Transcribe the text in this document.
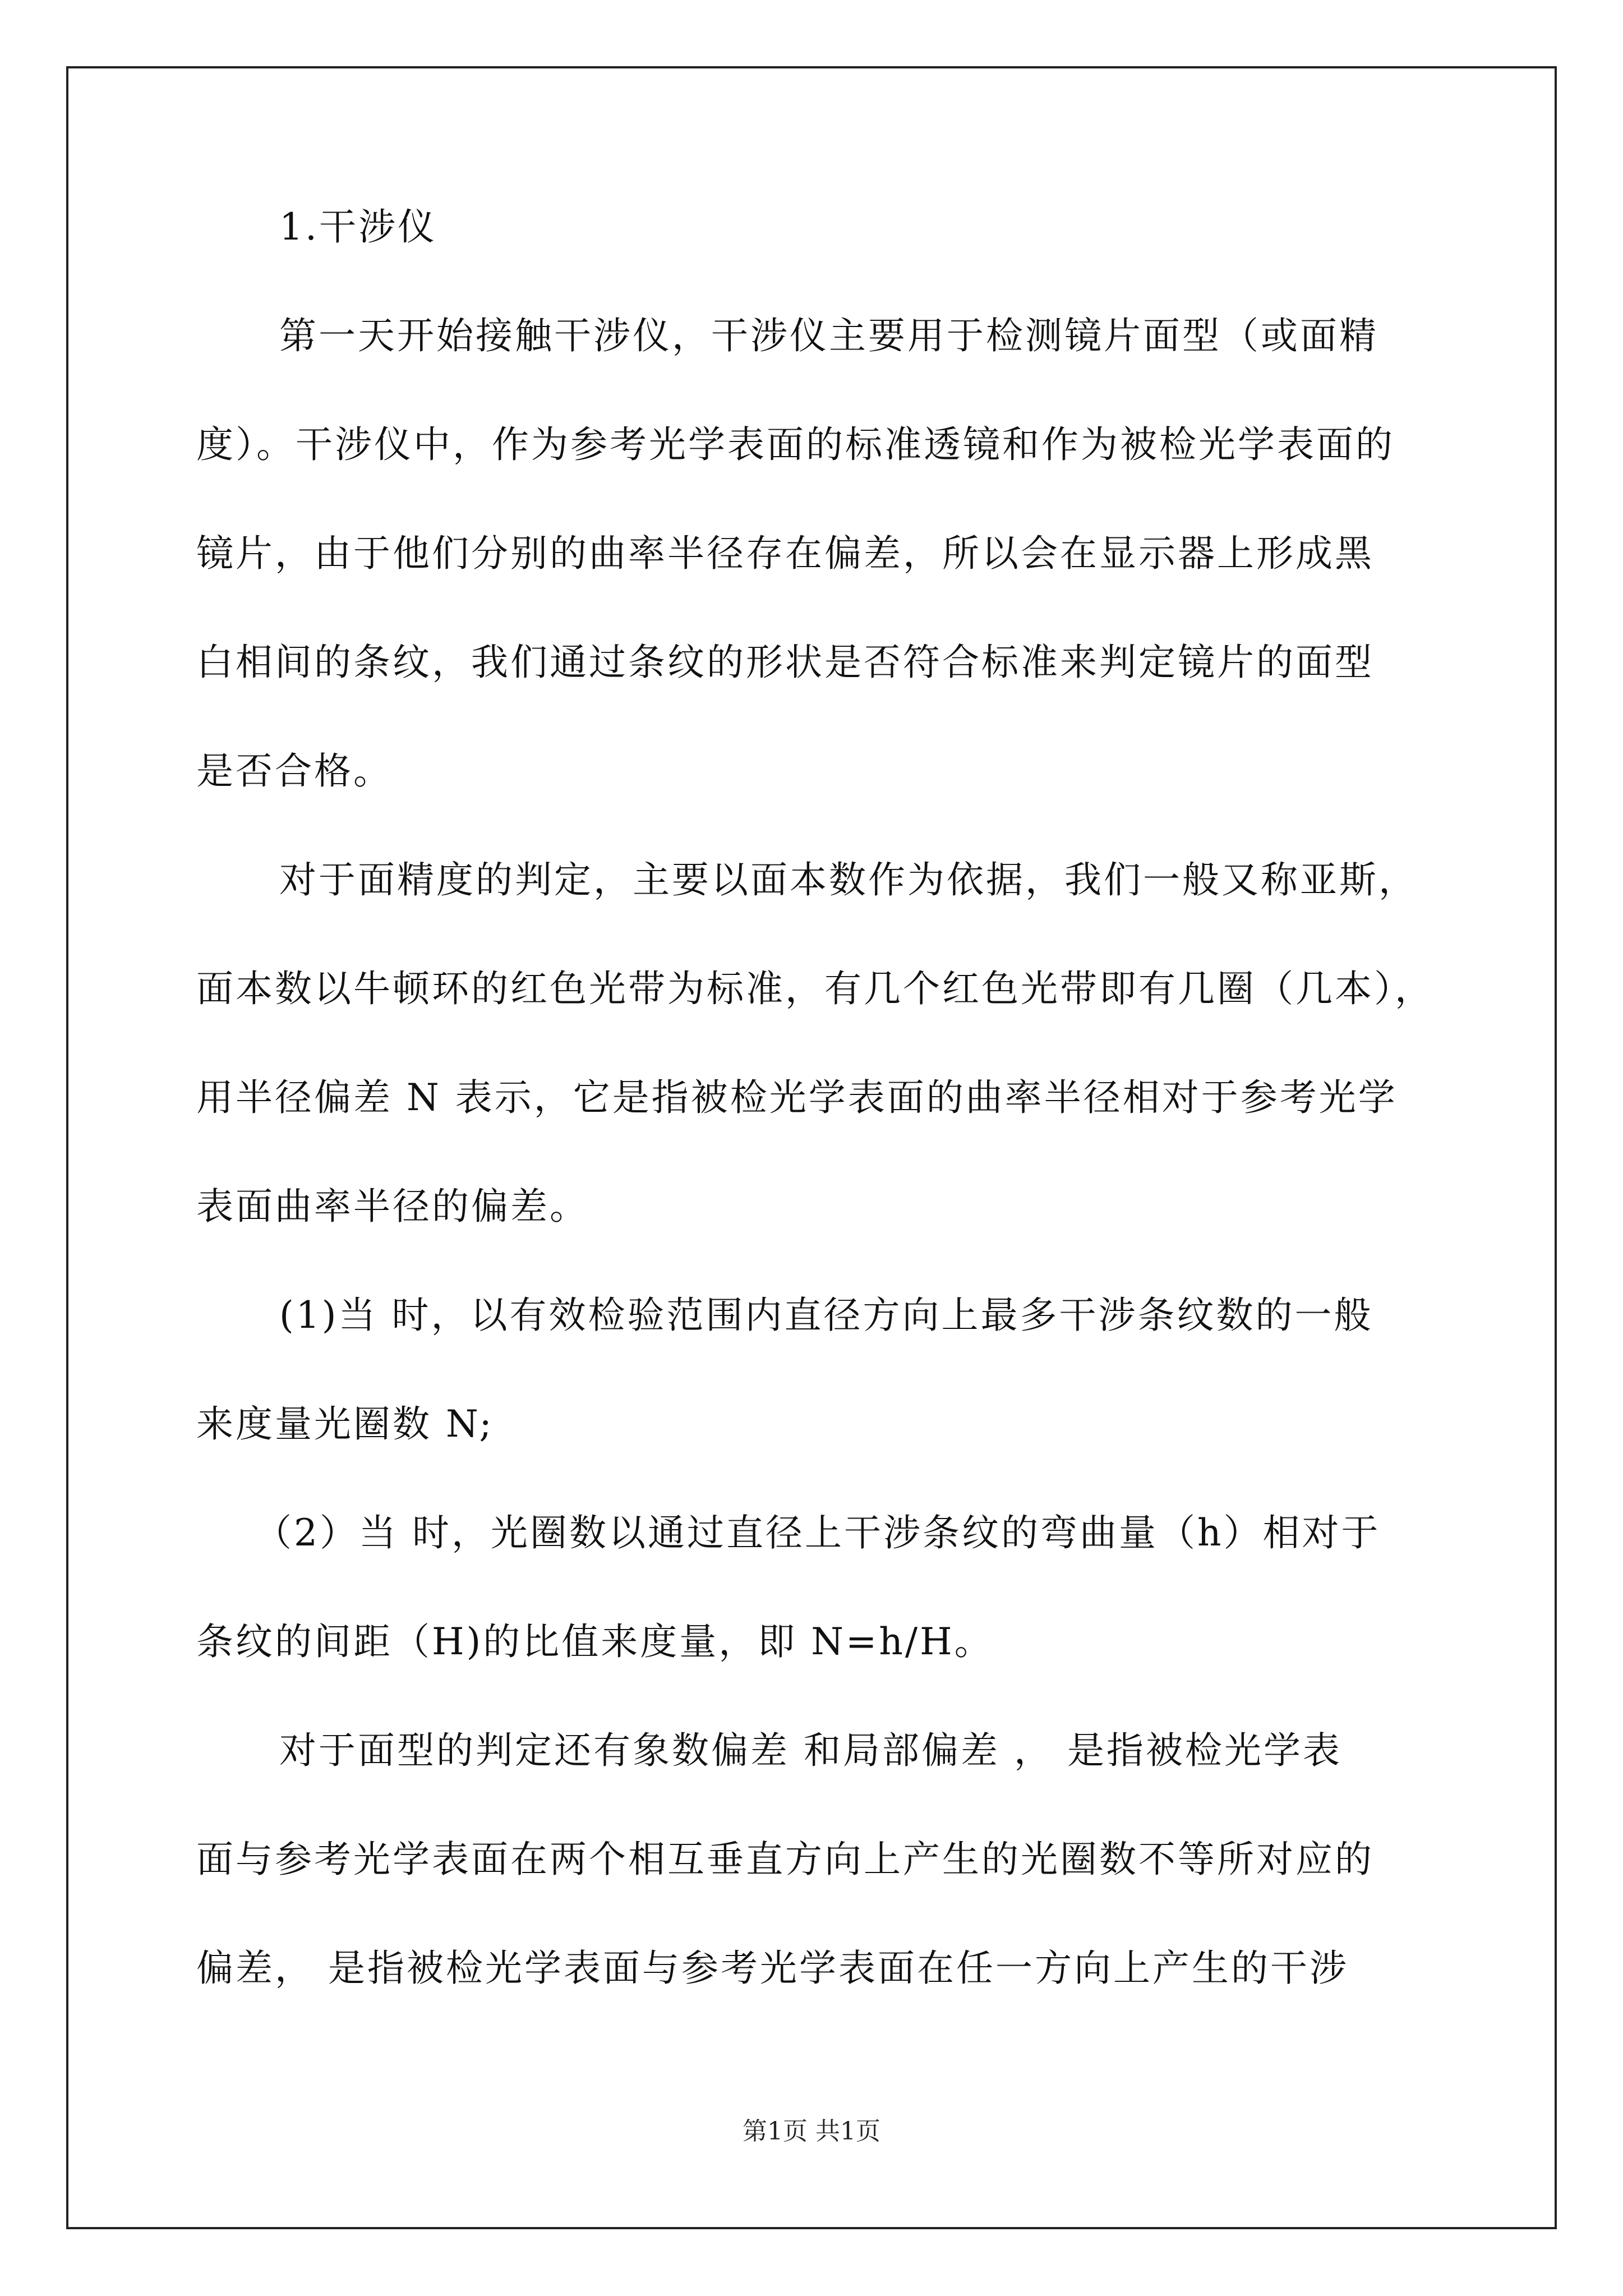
1.干涉仪
第一天开始接触干涉仪，干涉仪主要用于检测镜片面型（或面精
度）。干涉仪中，作为参考光学表面的标准透镜和作为被检光学表面的
镜片，由于他们分别的曲率半径存在偏差，所以会在显示器上形成黑
白相间的条纹，我们通过条纹的形状是否符合标准来判定镜片的面型
是否合格。
对于面精度的判定，主要以面本数作为依据，我们一般又称亚斯，
面本数以牛顿环的红色光带为标准，有几个红色光带即有几圈（几本），
用半径偏差 N 表示，它是指被检光学表面的曲率半径相对于参考光学
表面曲率半径的偏差。
(1)当 时，以有效检验范围内直径方向上最多干涉条纹数的一般
来度量光圈数 N;
（2）当 时，光圈数以通过直径上干涉条纹的弯曲量（h）相对于
条纹的间距（H)的比值来度量，即 N=h/H。
对于面型的判定还有象数偏差 和局部偏差 ， 是指被检光学表
面与参考光学表面在两个相互垂直方向上产生的光圈数不等所对应的
偏差， 是指被检光学表面与参考光学表面在任一方向上产生的干涉
第1页 共1页
